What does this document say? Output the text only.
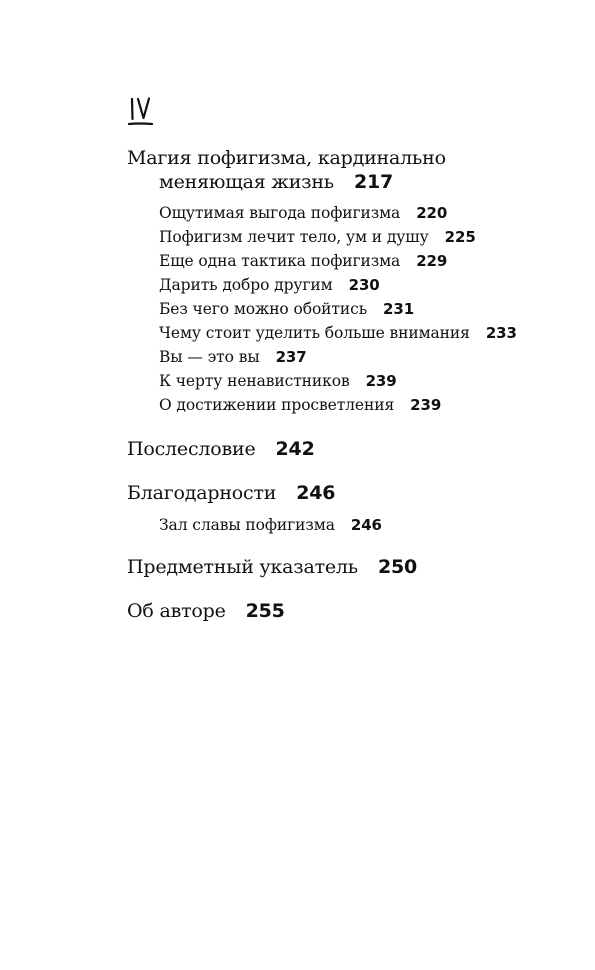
Магия пофигизма, кардинально
меняющая жизнь 217
Ощутимая выгода пофигизма 220
Пофигизм лечит тело, ум и душу 225
Еще одна тактика пофигизма 229
Дарить добро другим 230
Без чего можно обойтись 231
Чему стоит уделить больше внимания 233
Вы — это вы 237
К черту ненавистников 239
О достижении просветления 239
Послесловие 242
Благодарности 246
Зал славы пофигизма 246
Предметный указатель 250
Об авторе 255
